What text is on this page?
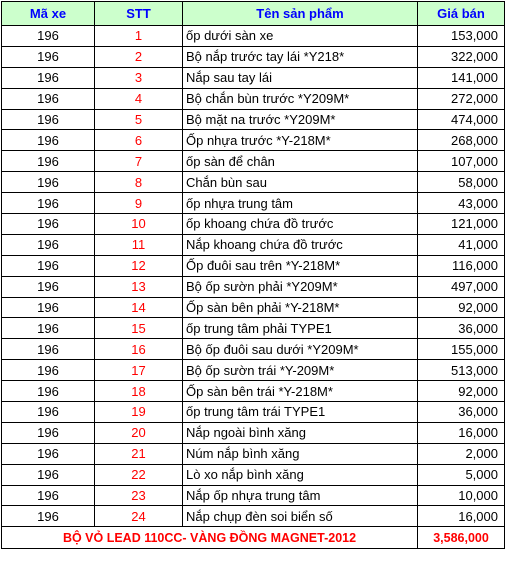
Mã xe	STT	Tên sản phẩm	Giá bán
196	1	ốp dưới sàn xe	153,000
196	2	Bộ nắp trước tay lái *Y218*	322,000
196	3	Nắp sau tay lái	141,000
196	4	Bộ chắn bùn trước *Y209M*	272,000
196	5	Bộ mặt na trước *Y209M*	474,000
196	6	Ốp nhựa trước *Y-218M*	268,000
196	7	ốp sàn để chân	107,000
196	8	Chắn bùn sau	58,000
196	9	ốp nhựa trung tâm	43,000
196	10	ốp khoang chứa đồ trước	121,000
196	11	Nắp khoang chứa đồ trước	41,000
196	12	Ốp đuôi sau trên *Y-218M*	116,000
196	13	Bộ ốp sườn phải *Y209M*	497,000
196	14	Ốp sàn bên phải *Y-218M*	92,000
196	15	ốp trung tâm phải TYPE1	36,000
196	16	Bộ ốp đuôi sau dưới *Y209M*	155,000
196	17	Bộ ốp sườn trái *Y-209M*	513,000
196	18	Ốp sàn bên trái *Y-218M*	92,000
196	19	ốp trung tâm trái TYPE1	36,000
196	20	Nắp ngoài bình xăng	16,000
196	21	Núm nắp bình xăng	2,000
196	22	Lò xo nắp bình xăng	5,000
196	23	Nắp ốp nhựa trung tâm	10,000
196	24	Nắp chụp đèn soi biển số	16,000
BỘ VỎ LEAD 110CC- VÀNG ĐỒNG MAGNET-2012			3,586,000
